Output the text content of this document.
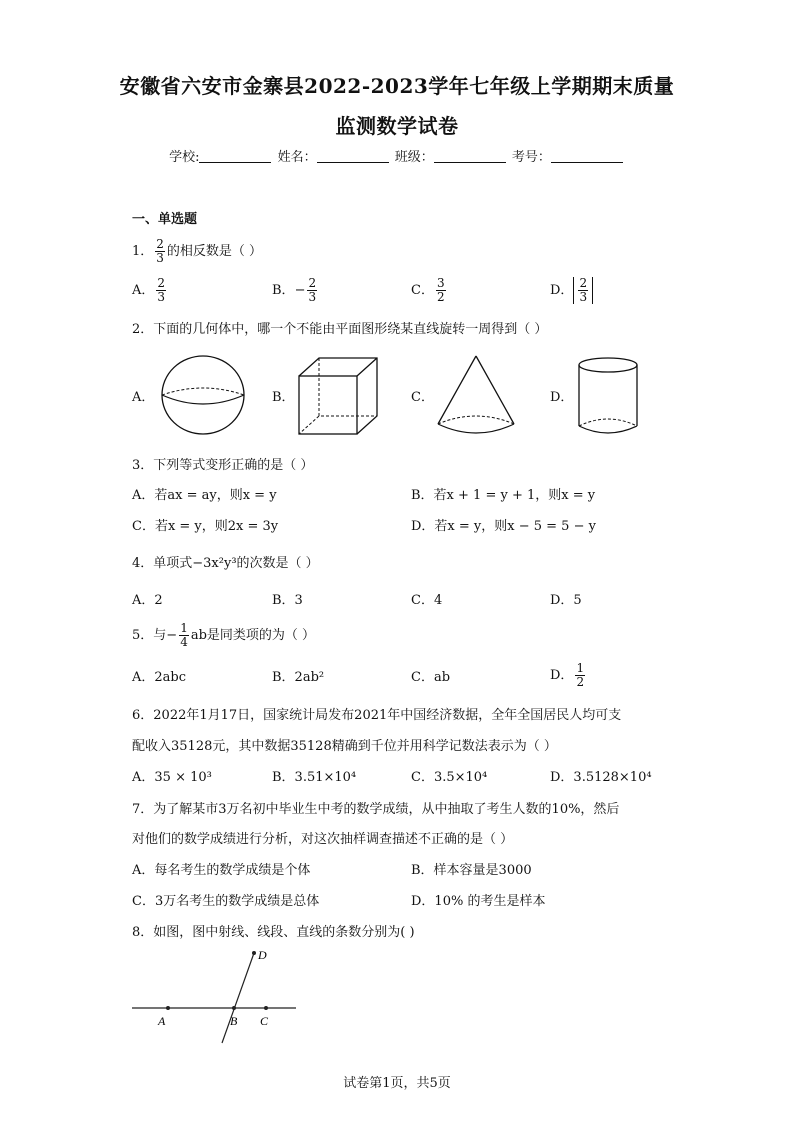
安徽省六安市金寨县2022-2023学年七年级上学期期末质量
监测数学试卷
学校:	姓名：	班级：	考号：
一、单选题
1． $\frac{2}{3}$ 的相反数是（ ）
A． $\frac{2}{3}$	B．− $\frac{2}{3}$	C． $\frac{3}{2}$	D． $\frac{2}{3}$
2．下面的几何体中，哪一个不能由平面图形绕某直线旋转一周得到（ ）
A．	B．	C．	D．
3．下列等式变形正确的是（ ）
A．若ax = ay，则x = y	B．若x + 1 = y + 1，则x = y
C．若x = y，则2x = 3y	D．若x = y，则x − 5 = 5 − y
4．单项式−3x²y³的次数是（ ）
A．2	B．3	C．4	D．5
5．与− $\frac{1}{4}$ ab是同类项的为（ ）
A．2abc	B．2ab²	C．ab	D． $\frac{1}{2}$
6．2022年1月17日，国家统计局发布2021年中国经济数据，全年全国居民人均可支
配收入35128元，其中数据35128精确到千位并用科学记数法表示为（ ）
A．35 × 10³	B．3.51×10⁴	C．3.5×10⁴	D．3.5128×10⁴
7．为了解某市3万名初中毕业生中考的数学成绩，从中抽取了考生人数的10%，然后
对他们的数学成绩进行分析，对这次抽样调查描述不正确的是（ ）
A．每名考生的数学成绩是个体	B．样本容量是3000
C．3万名考生的数学成绩是总体	D．10% 的考生是样本
8．如图，图中射线、线段、直线的条数分别为( )
A	B C
D
试卷第1页，共5页
